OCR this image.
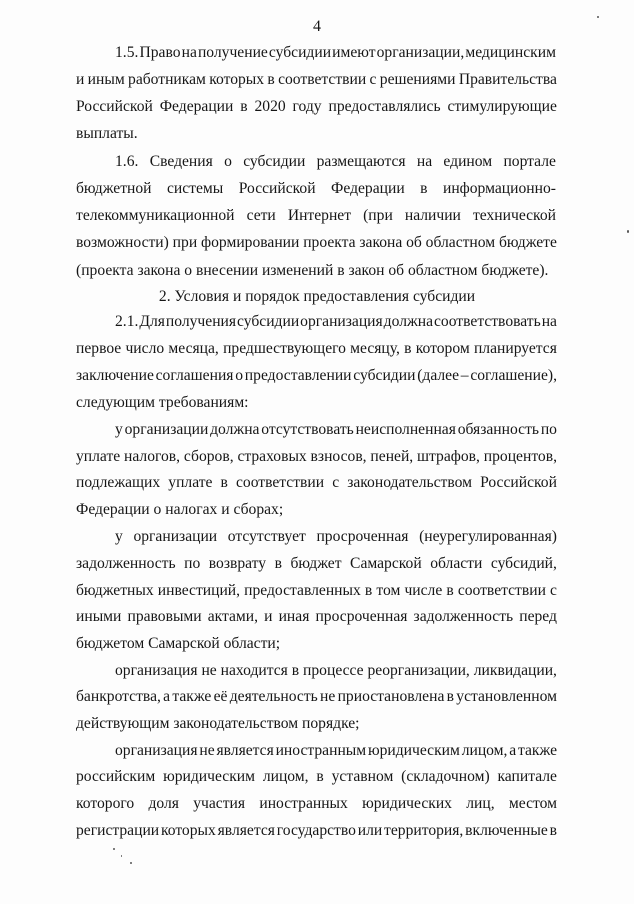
4
1.5. Право на получение субсидии имеют организации, медицинским
и иным работникам которых в соответствии с решениями Правительства
Российской Федерации в 2020 году предоставлялись стимулирующие
выплаты.
1.6. Сведения о субсидии размещаются на едином портале
бюджетной системы Российской Федерации в информационно-
телекоммуникационной сети Интернет (при наличии технической
возможности) при формировании проекта закона об областном бюджете
(проекта закона о внесении изменений в закон об областном бюджете).
2. Условия и порядок предоставления субсидии
2.1. Для получения субсидии организация должна соответствовать на
первое число месяца, предшествующего месяцу, в котором планируется
заключение соглашения о предоставлении субсидии (далее – соглашение),
следующим требованиям:
у организации должна отсутствовать неисполненная обязанность по
уплате налогов, сборов, страховых взносов, пеней, штрафов, процентов,
подлежащих уплате в соответствии с законодательством Российской
Федерации о налогах и сборах;
у организации отсутствует просроченная (неурегулированная)
задолженность по возврату в бюджет Самарской области субсидий,
бюджетных инвестиций, предоставленных в том числе в соответствии с
иными правовыми актами, и иная просроченная задолженность перед
бюджетом Самарской области;
организация не находится в процессе реорганизации, ликвидации,
банкротства, а также её деятельность не приостановлена в установленном
действующим законодательством порядке;
организация не является иностранным юридическим лицом, а также
российским юридическим лицом, в уставном (складочном) капитале
которого доля участия иностранных юридических лиц, местом
регистрации которых является государство или территория, включенные в
